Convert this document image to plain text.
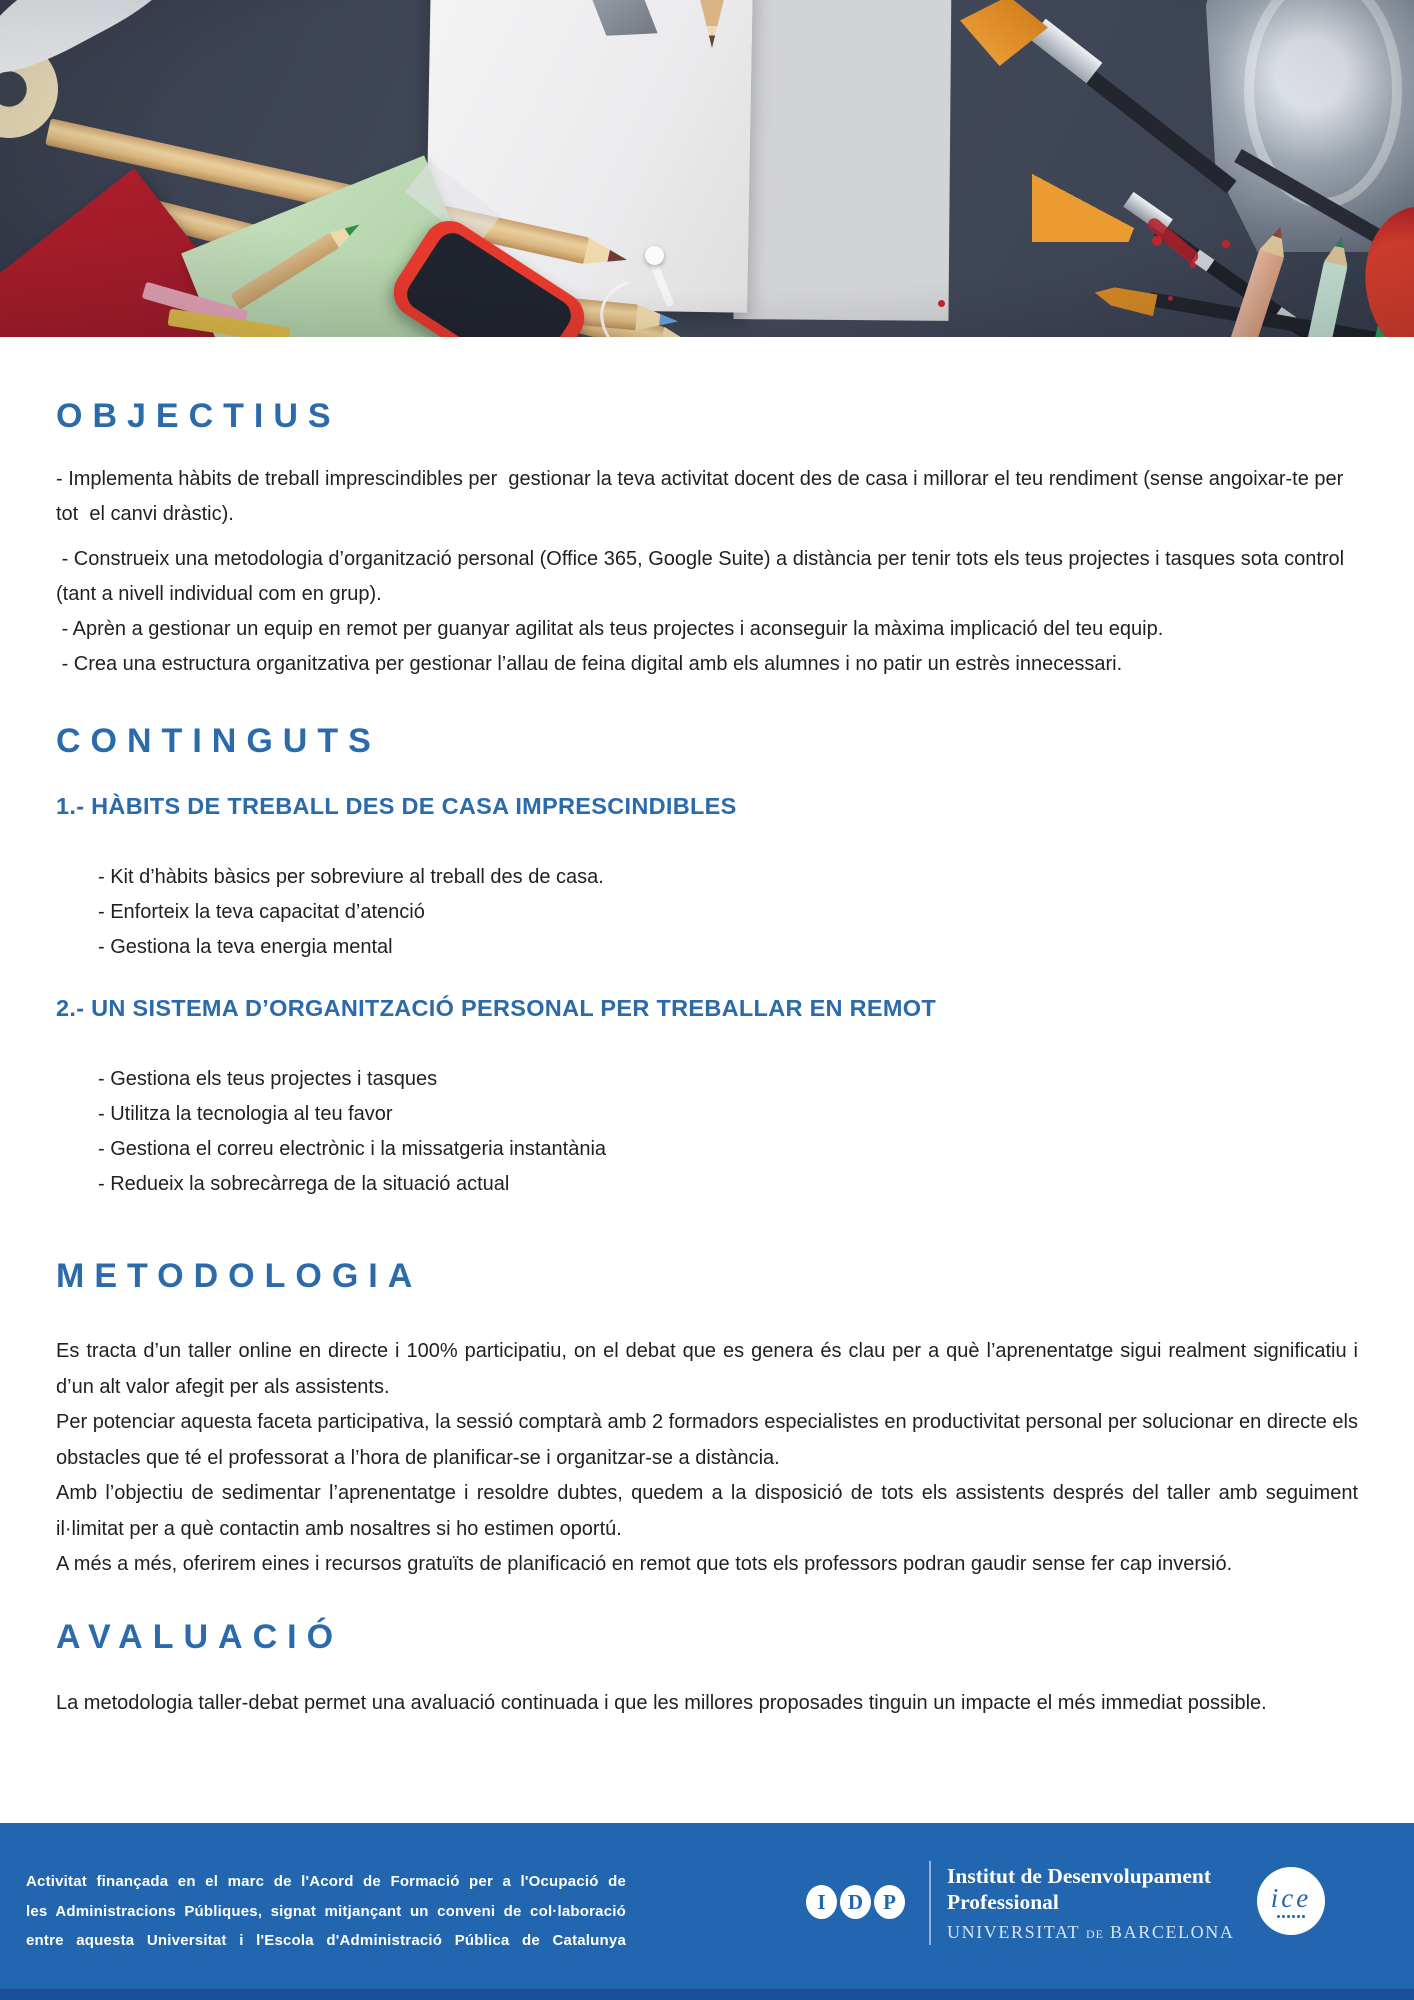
OBJECTIUS

- Implementa hàbits de treball imprescindibles per  gestionar la teva activitat docent des de casa i millorar el teu rendiment (sense angoixar-te per tot  el canvi dràstic).

- Construeix una metodologia d’organització personal (Office 365, Google Suite) a distància per tenir tots els teus projectes i tasques sota control (tant a nivell individual com en grup).

- Aprèn a gestionar un equip en remot per guanyar agilitat als teus projectes i aconseguir la màxima implicació del teu equip.

- Crea una estructura organitzativa per gestionar l’allau de feina digital amb els alumnes i no patir un estrès innecessari.

CONTINGUTS
1.- HÀBITS DE TREBALL DES DE CASA IMPRESCINDIBLES

- Kit d’hàbits bàsics per sobreviure al treball des de casa.

- Enforteix la teva capacitat d’atenció

- Gestiona la teva energia mental

2.- UN SISTEMA D’ORGANITZACIÓ PERSONAL PER TREBALLAR EN REMOT

- Gestiona els teus projectes i tasques

- Utilitza la tecnologia al teu favor

- Gestiona el correu electrònic i la missatgeria instantània

- Redueix la sobrecàrrega de la situació actual

METODOLOGIA

Es tracta d’un taller online en directe i 100% participatiu, on el debat que es genera és clau per a què l’aprenentatge sigui realment significatiu i d’un alt valor afegit per als assistents.

Per potenciar aquesta faceta participativa, la sessió comptarà amb 2 formadors especialistes en productivitat personal per solucionar en directe els obstacles que té el professorat a l’hora de planificar-se i organitzar-se a distància.

Amb l’objectiu de sedimentar l’aprenentatge i resoldre dubtes, quedem a la disposició de tots els assistents després del taller amb seguiment il·limitat per a què contactin amb nosaltres si ho estimen oportú.

A més a més, oferirem eines i recursos gratuïts de planificació en remot que tots els professors podran gaudir sense fer cap inversió.

AVALUACIÓ

La metodologia taller-debat permet una avaluació continuada i que les millores proposades tinguin un impacte el més immediat possible.

Activitat finançada en el marc de l'Acord de Formació per a l'Ocupació de les Administracions Públiques, signat mitjançant un conveni de col·laboració entre aquesta Universitat i l'Escola d'Administració Pública de Catalunya

I	D P
Institut de Desenvolupament
Professional
UNIVERSITAT DE BARCELONA
ice
